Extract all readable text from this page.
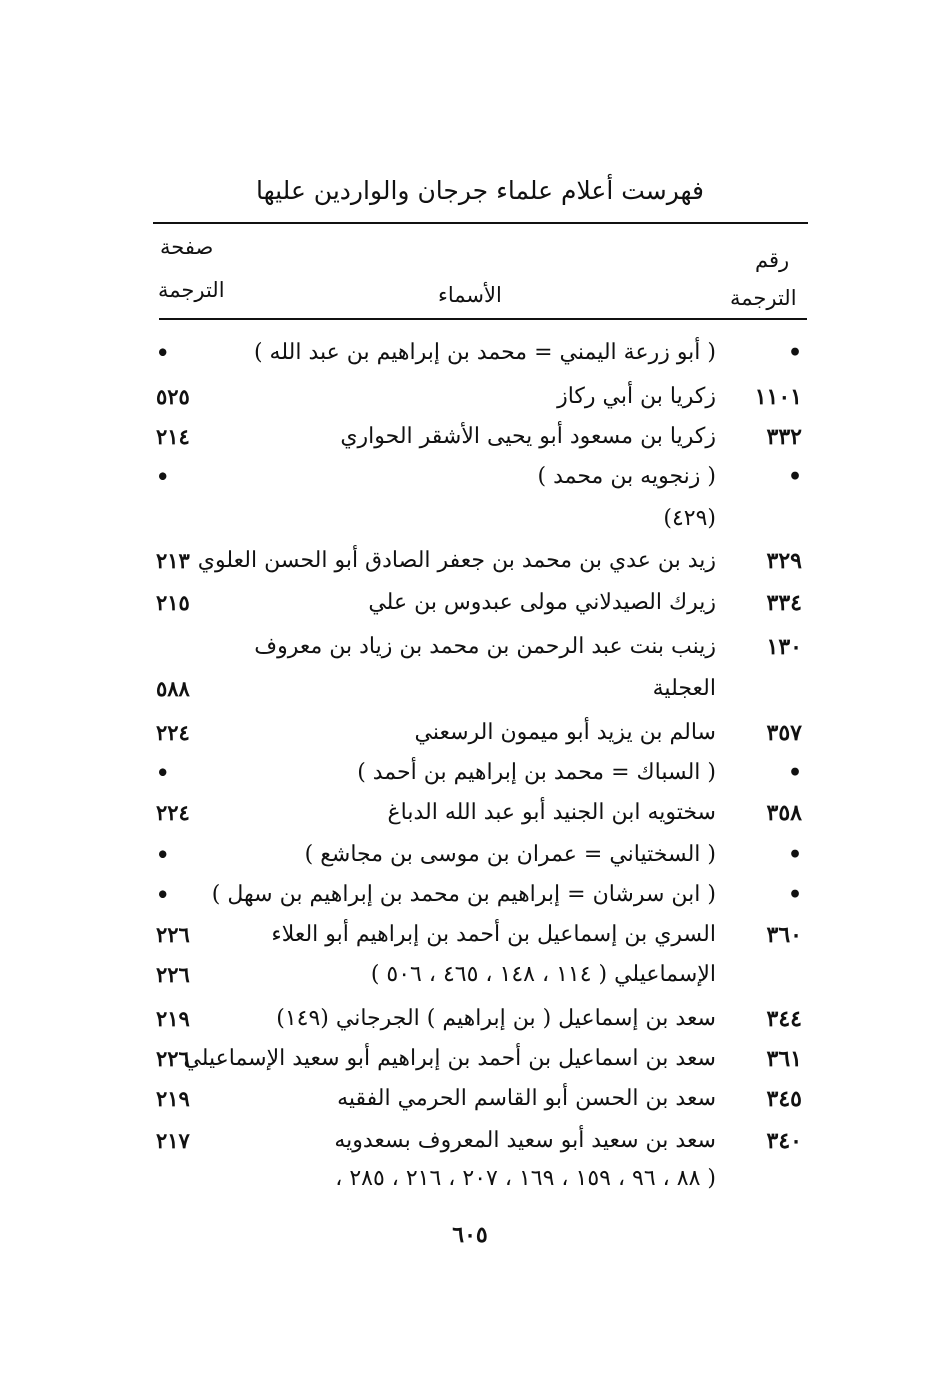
فهرست أعلام علماء جرجان والواردين عليها
صفحة
الترجمة	الأسماء
رقم
الترجمة
•
( أبو زرعة اليمني = محمد بن إبراهيم بن عبد الله )
•
١١٠١
زكريا بن أبي ركاز
٥٢٥
٣٣٢
زكريا بن مسعود أبو يحيى الأشقر الحواري
٢١٤
•
( زنجويه بن محمد )
•
(٤٢٩)
٣٢٩
زيد بن عدي بن محمد بن جعفر الصادق أبو الحسن العلوي
٢١٣
٣٣٤
زيرك الصيدلاني مولى عبدوس بن علي
٢١٥
١٣٠
زينب بنت عبد الرحمن بن محمد بن زياد بن معروف
العجلية
٥٨٨
٣٥٧
سالم بن يزيد أبو ميمون الرسعني
٢٢٤
•
( السباك = محمد بن إبراهيم بن أحمد )
•
٣٥٨
سختويه ابن الجنيد أبو عبد الله الدباغ
٢٢٤
•
( السختياني = عمران بن موسى بن مجاشع )
•
•
( ابن سرشان = إبراهيم بن محمد بن إبراهيم بن سهل )
•
٣٦٠
السري بن إسماعيل بن أحمد بن إبراهيم أبو العلاء
٢٢٦
الإسماعيلي ( ١١٤ ، ١٤٨ ، ٤٦٥ ، ٥٠٦ )
٢٢٦
٣٤٤
سعد بن إسماعيل ( بن إبراهيم ) الجرجاني (١٤٩)
٢١٩
٣٦١
سعد بن اسماعيل بن أحمد بن إبراهيم أبو سعيد الإسماعيلي
٢٢٦
٣٤٥
سعد بن الحسن أبو القاسم الحرمي الفقيه
٢١٩
٣٤٠
سعد بن سعيد أبو سعيد المعروف بسعدويه
٢١٧
( ٨٨ ، ٩٦ ، ١٥٩ ، ١٦٩ ، ٢٠٧ ، ٢١٦ ، ٢٨٥ ،
٦٠٥
